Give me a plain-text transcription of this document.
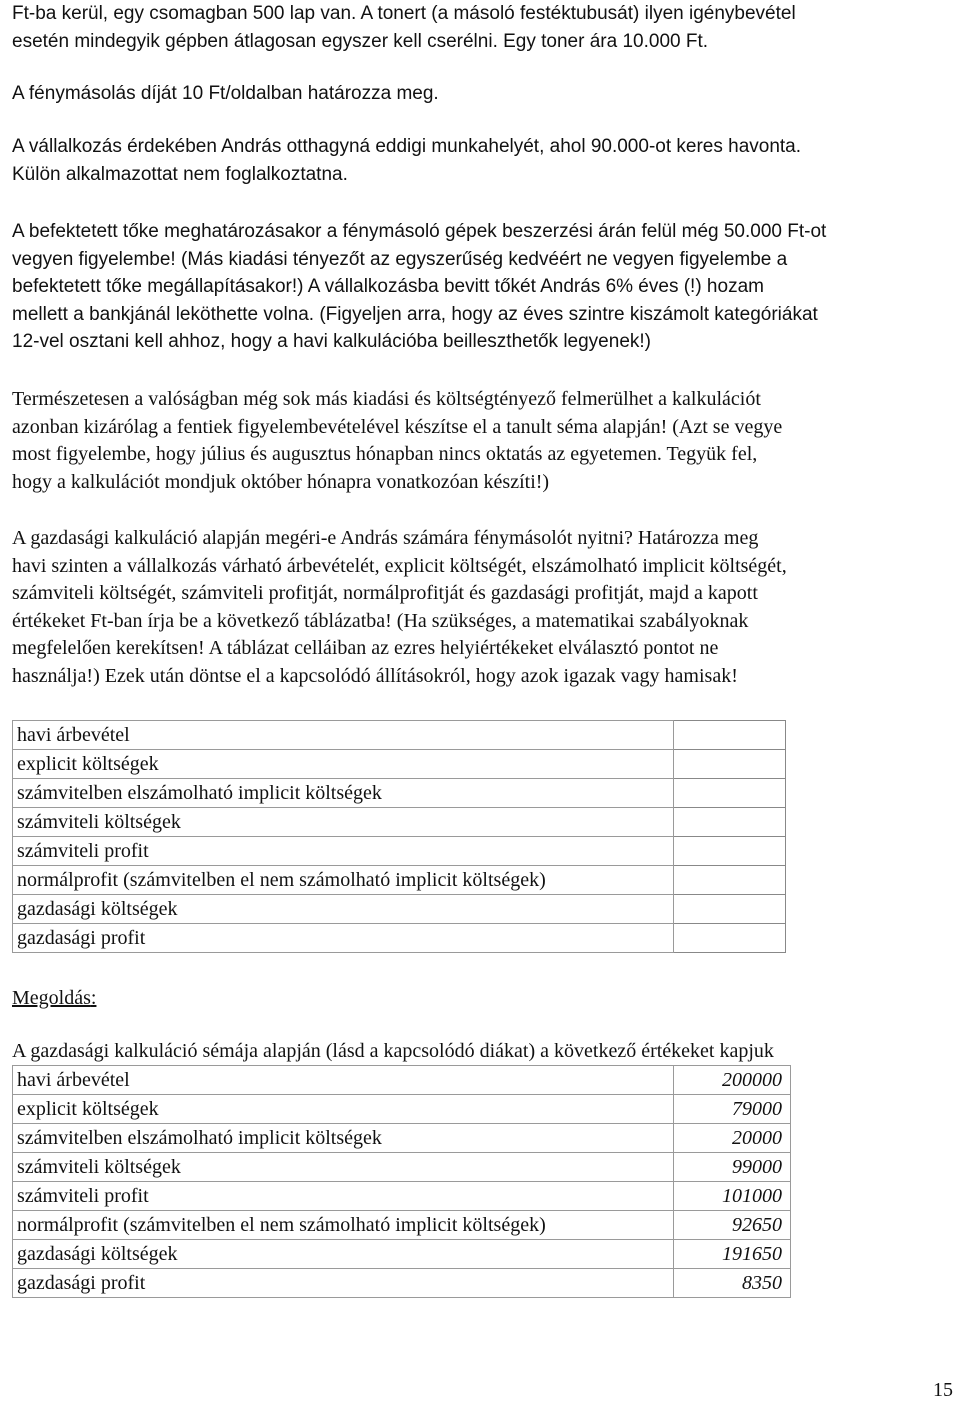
Ft-ba kerül, egy csomagban 500 lap van. A tonert (a másoló festéktubusát) ilyen igénybevétel
esetén mindegyik gépben átlagosan egyszer kell cserélni. Egy toner ára 10.000 Ft.

A fénymásolás díját 10 Ft/oldalban határozza meg.

A vállalkozás érdekében András otthagyná eddigi munkahelyét, ahol 90.000-ot keres havonta.
Külön alkalmazottat nem foglalkoztatna.

A befektetett tőke meghatározásakor a fénymásoló gépek beszerzési árán felül még 50.000 Ft-ot
vegyen figyelembe! (Más kiadási tényezőt az egyszerűség kedvéért ne vegyen figyelembe a
befektetett tőke megállapításakor!) A vállalkozásba bevitt tőkét András 6% éves (!) hozam
mellett a bankjánál leköthette volna. (Figyeljen arra, hogy az éves szintre kiszámolt kategóriákat
12-vel osztani kell ahhoz, hogy a havi kalkulációba beilleszthetők legyenek!)

Természetesen a valóságban még sok más kiadási és költségtényező felmerülhet a kalkulációt
azonban kizárólag a fentiek figyelembevételével készítse el a tanult séma alapján! (Azt se vegye
most figyelembe, hogy július és augusztus hónapban nincs oktatás az egyetemen. Tegyük fel,
hogy a kalkulációt mondjuk október hónapra vonatkozóan készíti!)

A gazdasági kalkuláció alapján megéri-e András számára fénymásolót nyitni? Határozza meg
havi szinten a vállalkozás várható árbevételét, explicit költségét, elszámolható implicit költségét,
számviteli költségét, számviteli profitját, normálprofitját és gazdasági profitját, majd a kapott
értékeket Ft-ban írja be a következő táblázatba! (Ha szükséges, a matematikai szabályoknak
megfelelően kerekítsen! A táblázat celláiban az ezres helyiértékeket elválasztó pontot ne
használja!) Ezek után döntse el a kapcsolódó állításokról, hogy azok igazak vagy hamisak!

havi árbevétel	
explicit költségek	
számvitelben elszámolható implicit költségek	
számviteli költségek	
számviteli profit	
normálprofit (számvitelben el nem számolható implicit költségek)	
gazdasági költségek	
gazdasági profit	
Megoldás:
A gazdasági kalkuláció sémája alapján (lásd a kapcsolódó diákat) a következő értékeket kapjuk
havi árbevétel	200000
explicit költségek	79000
számvitelben elszámolható implicit költségek	20000
számviteli költségek	99000
számviteli profit	101000
normálprofit (számvitelben el nem számolható implicit költségek)	92650
gazdasági költségek	191650
gazdasági profit	8350
15
